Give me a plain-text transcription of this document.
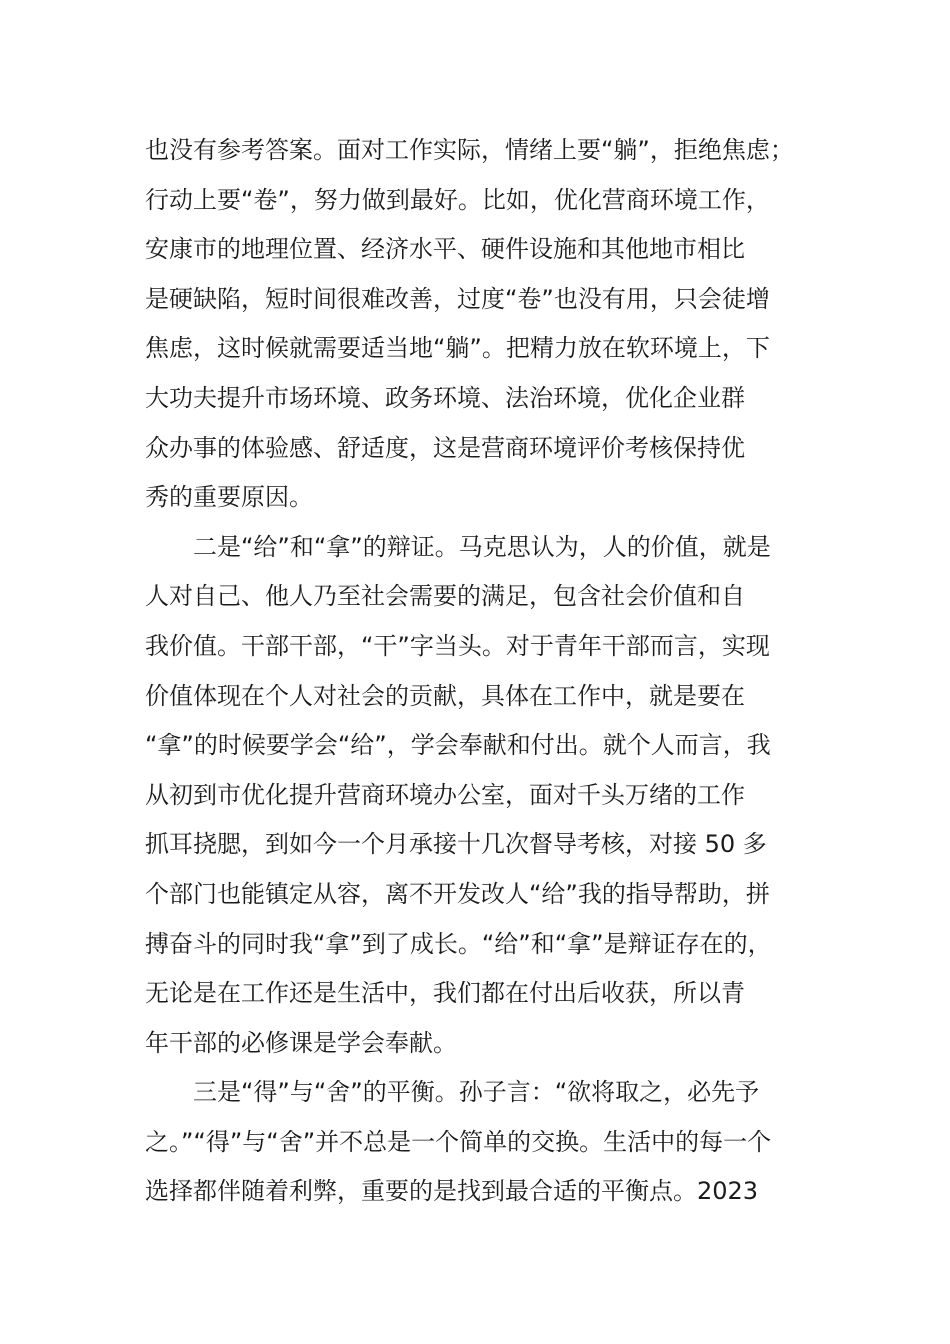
也没有参考答案。面对工作实际，情绪上要“躺”，拒绝焦虑；
行动上要“卷”，努力做到最好。比如，优化营商环境工作，
安康市的地理位置、经济水平、硬件设施和其他地市相比
是硬缺陷，短时间很难改善，过度“卷”也没有用，只会徒增
焦虑，这时候就需要适当地“躺”。把精力放在软环境上，下
大功夫提升市场环境、政务环境、法治环境，优化企业群
众办事的体验感、舒适度，这是营商环境评价考核保持优
秀的重要原因。
　　二是“给”和“拿”的辩证。马克思认为，人的价值，就是
人对自己、他人乃至社会需要的满足，包含社会价值和自
我价值。干部干部，“干”字当头。对于青年干部而言，实现
价值体现在个人对社会的贡献，具体在工作中，就是要在
“拿”的时候要学会“给”，学会奉献和付出。就个人而言，我
从初到市优化提升营商环境办公室，面对千头万绪的工作
抓耳挠腮，到如今一个月承接十几次督导考核，对接 50 多
个部门也能镇定从容，离不开发改人“给”我的指导帮助，拼
搏奋斗的同时我“拿”到了成长。“给”和“拿”是辩证存在的，
无论是在工作还是生活中，我们都在付出后收获，所以青
年干部的必修课是学会奉献。
　　三是“得”与“舍”的平衡。孙子言：“欲将取之，必先予
之。”“得”与“舍”并不总是一个简单的交换。生活中的每一个
选择都伴随着利弊，重要的是找到最合适的平衡点。2023
